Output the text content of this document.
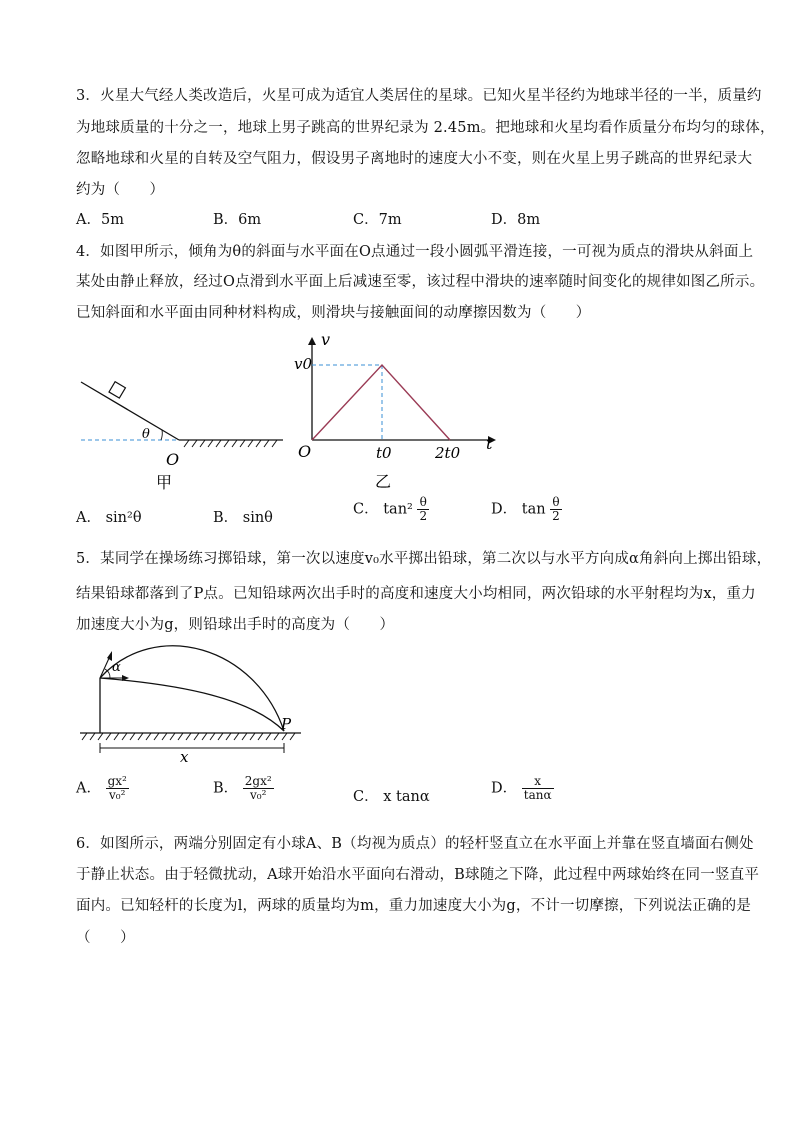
3．火星大气经人类改造后，火星可成为适宜人类居住的星球。已知火星半径约为地球半径的一半，质量约
为地球质量的十分之一，地球上男子跳高的世界纪录为 2.45m。把地球和火星均看作质量分布均匀的球体，
忽略地球和火星的自转及空气阻力，假设男子离地时的速度大小不变，则在火星上男子跳高的世界纪录大
约为（　　）
A．5m	B．6m	C．7m	D．8m
4．如图甲所示，倾角为θ的斜面与水平面在O点通过一段小圆弧平滑连接，一可视为质点的滑块从斜面上
某处由静止释放，经过O点滑到水平面上后减速至零，该过程中滑块的速率随时间变化的规律如图乙所示。
已知斜面和水平面由同种材料构成，则滑块与接触面间的动摩擦因数为（　　）
θ
O
甲
v
t
v0
t0	2t0
O
乙
A． sin²θ	B． sinθ
C． $\tan^2 \frac{\theta}{2}$	D． $\tan \frac{\theta}{2}$
5．某同学在操场练习掷铅球，第一次以速度v₀水平掷出铅球，第二次以与水平方向成α角斜向上掷出铅球，
结果铅球都落到了P点。已知铅球两次出手时的高度和速度大小均相同，两次铅球的水平射程均为x，重力
加速度大小为g，则铅球出手时的高度为（　　）
α
P
x
A． $\frac{\text{gx²}}{\text{v₀²}}$	B． $\frac{\text{2gx²}}{\text{v₀²}}$	C． x tanα
D． $\frac{x}{\tan\alpha}$
6．如图所示，两端分别固定有小球A、B（均视为质点）的轻杆竖直立在水平面上并靠在竖直墙面右侧处
于静止状态。由于轻微扰动，A球开始沿水平面向右滑动，B球随之下降，此过程中两球始终在同一竖直平
面内。已知轻杆的长度为l，两球的质量均为m，重力加速度大小为g，不计一切摩擦，下列说法正确的是
（　　）
